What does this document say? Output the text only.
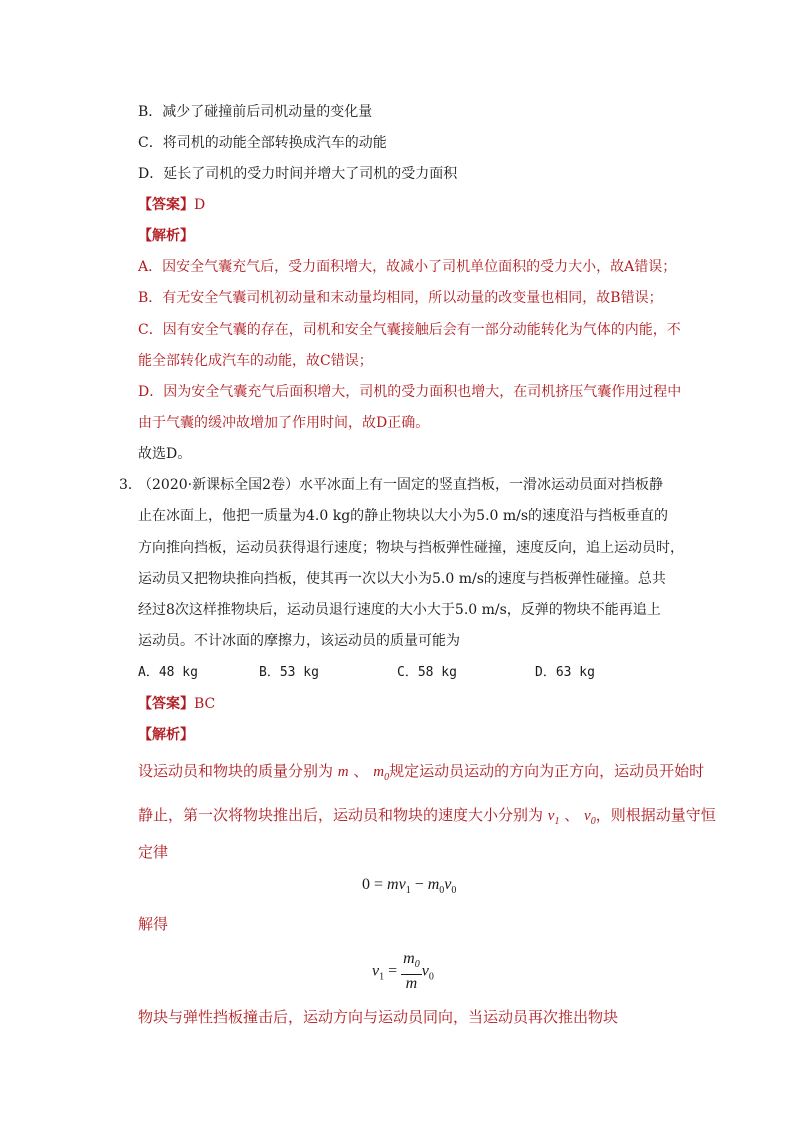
B．减少了碰撞前后司机动量的变化量
C．将司机的动能全部转换成汽车的动能
D．延长了司机的受力时间并增大了司机的受力面积
【答案】D
【解析】
A．因安全气囊充气后，受力面积增大，故减小了司机单位面积的受力大小，故A错误；
B．有无安全气囊司机初动量和末动量均相同，所以动量的改变量也相同，故B错误；
C．因有安全气囊的存在，司机和安全气囊接触后会有一部分动能转化为气体的内能，不
能全部转化成汽车的动能，故C错误；
D．因为安全气囊充气后面积增大，司机的受力面积也增大，在司机挤压气囊作用过程中
由于气囊的缓冲故增加了作用时间，故D正确。
故选D。
3．
（2020·新课标全国2卷）水平冰面上有一固定的竖直挡板，一滑冰运动员面对挡板静
止在冰面上，他把一质量为4.0 kg的静止物块以大小为5.0 m/s的速度沿与挡板垂直的
方向推向挡板，运动员获得退行速度；物块与挡板弹性碰撞，速度反向，追上运动员时，
运动员又把物块推向挡板，使其再一次以大小为5.0 m/s的速度与挡板弹性碰撞。总共
经过8次这样推物块后，运动员退行速度的大小大于5.0 m/s，反弹的物块不能再追上
运动员。不计冰面的摩擦力，该运动员的质量可能为
A．48 kg	B．53 kg	C．58 kg	D．63 kg
【答案】BC
【解析】
设运动员和物块的质量分别为 m 、 $m_0$规定运动员运动的方向为正方向，运动员开始时
静止，第一次将物块推出后，运动员和物块的速度大小分别为 $v_1$ 、 $v_0$，则根据动量守恒
定律
$0 = mv_1 - m_0v_0$
解得
$v_1 = \frac{m_0}{m} v_0$
物块与弹性挡板撞击后，运动方向与运动员同向，当运动员再次推出物块
